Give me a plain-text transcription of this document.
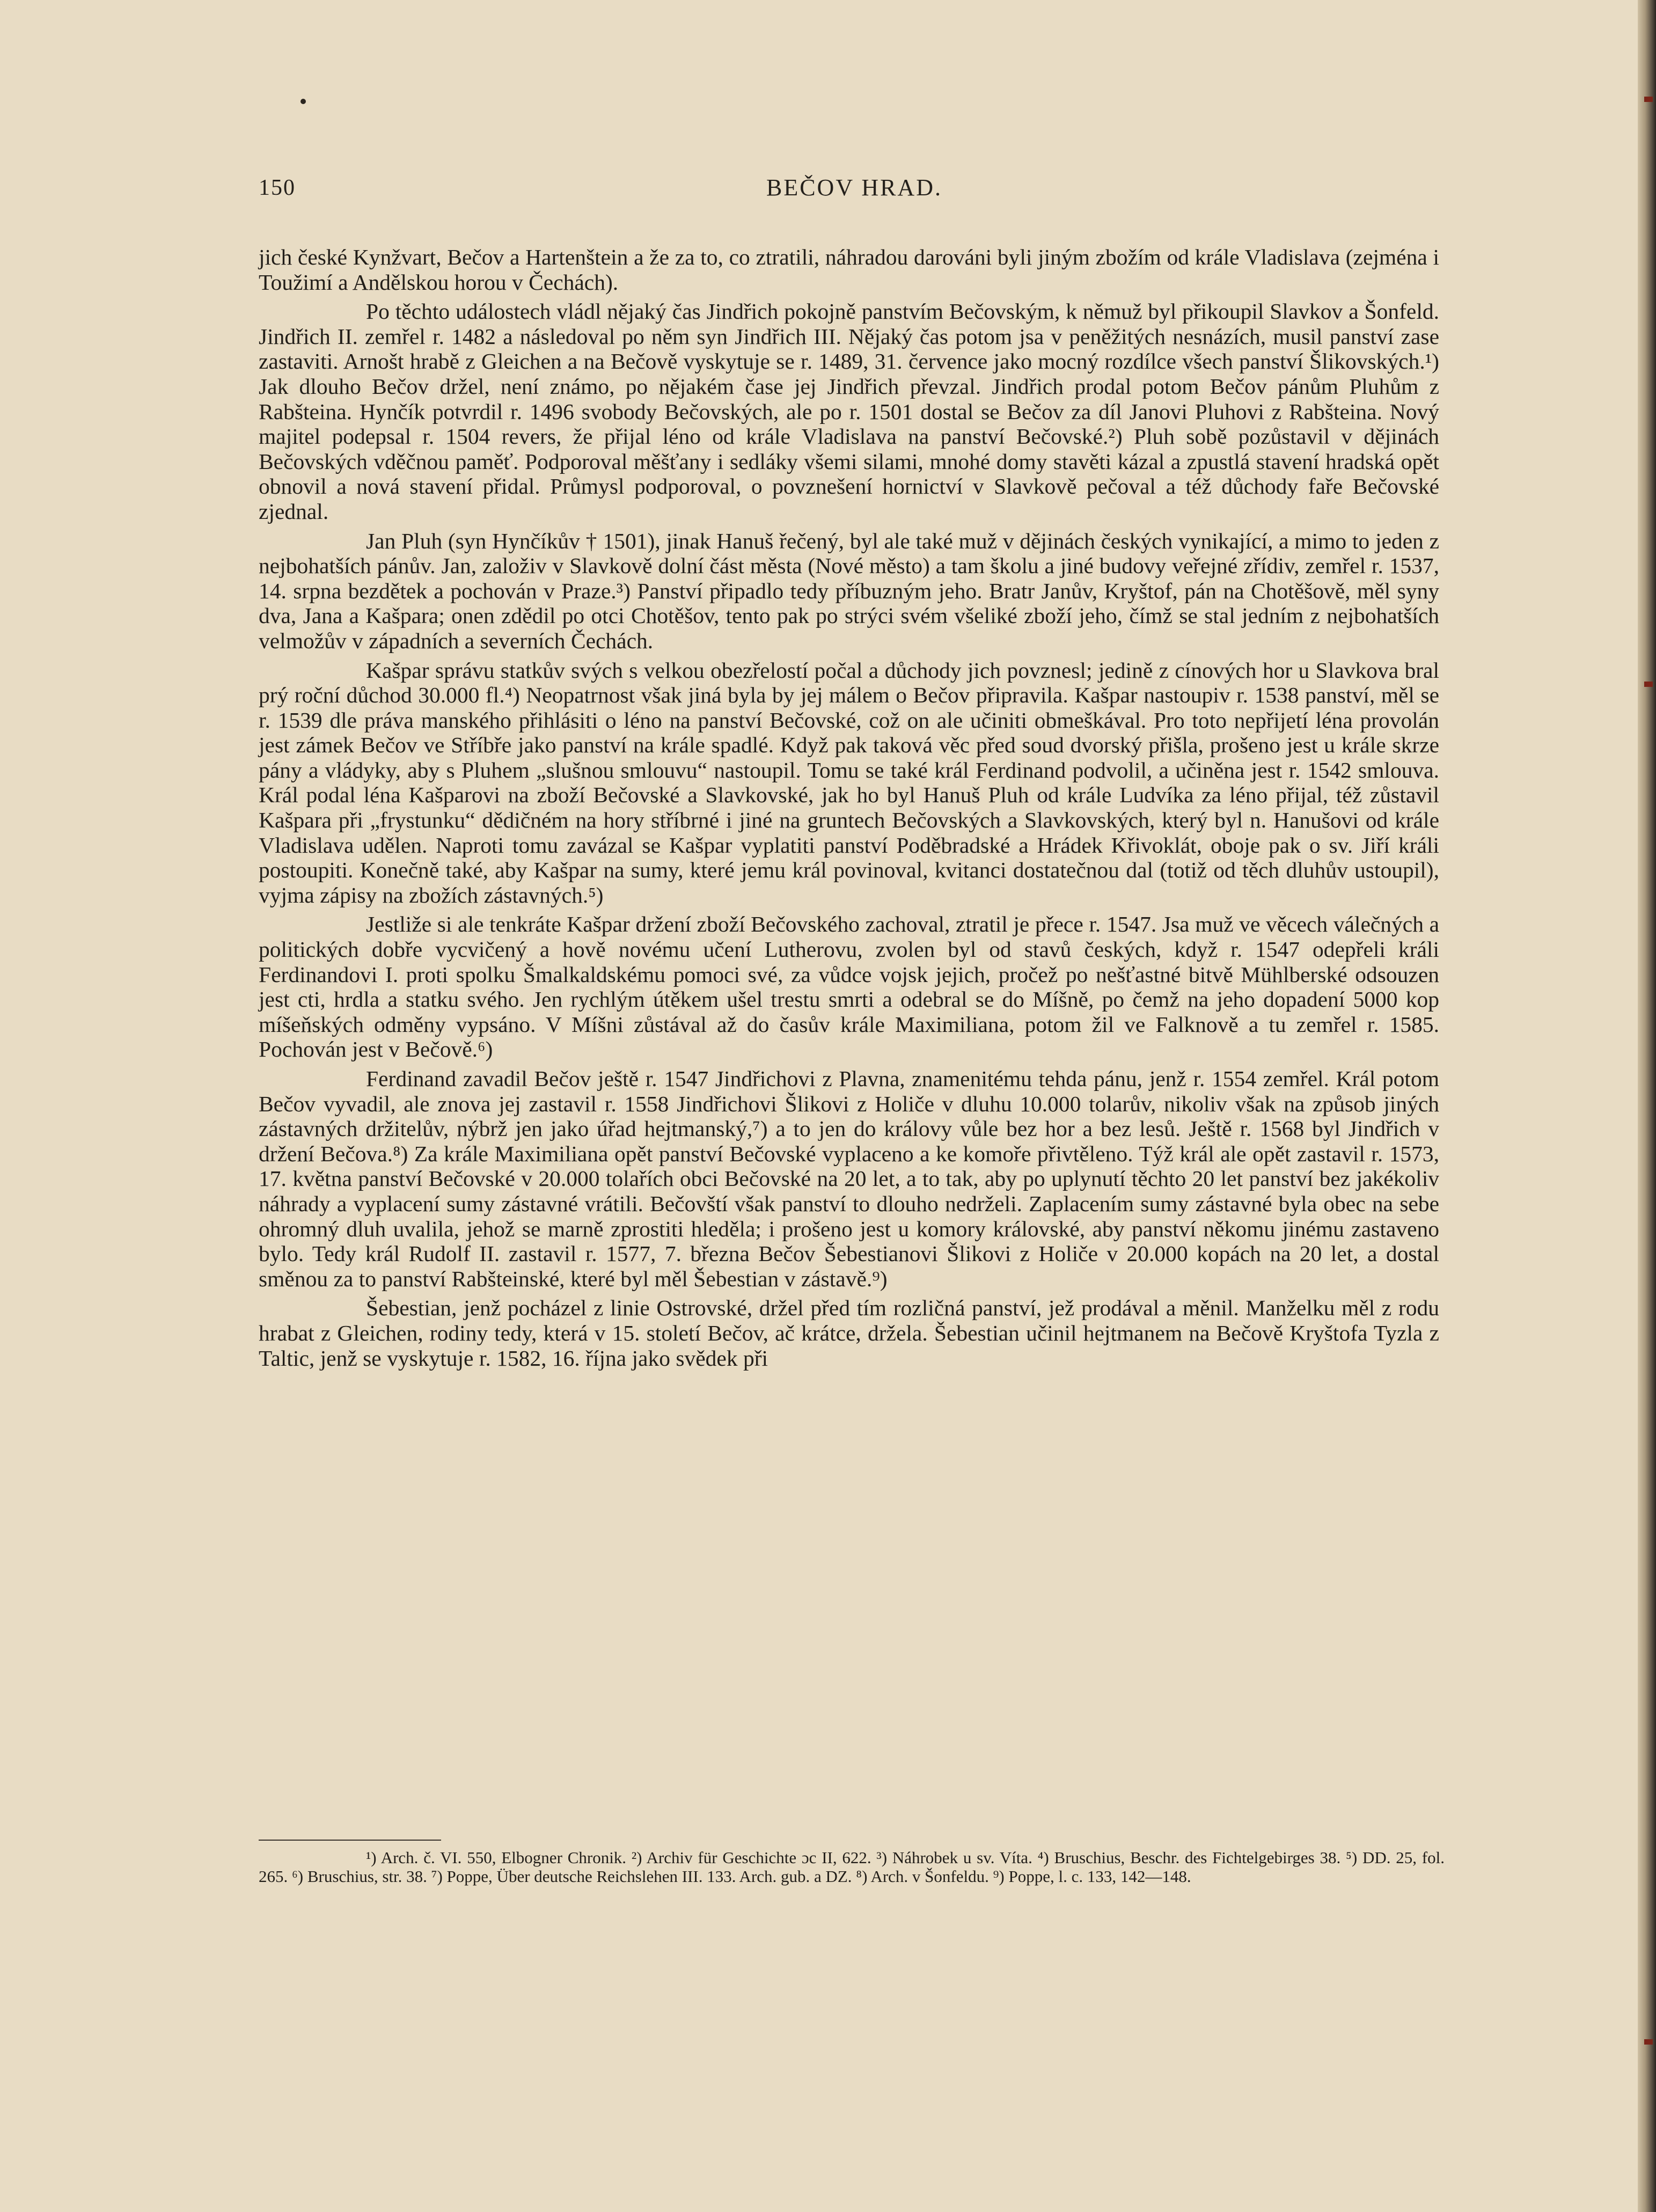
150	BEČOV HRAD.

jich české Kynžvart, Bečov a Hartenštein a že za to, co ztratili, náhradou darováni byli jiným zbožím od krále Vladislava (zejména i Toužimí a Andělskou horou v Čechách).

Po těchto událostech vládl nějaký čas Jindřich pokojně panstvím Bečovským, k němuž byl přikoupil Slavkov a Šonfeld. Jindřich II. zemřel r. 1482 a následoval po něm syn Jindřich III. Nějaký čas potom jsa v peněžitých nesnázích, musil panství zase zastaviti. Arnošt hrabě z Gleichen a na Bečově vyskytuje se r. 1489, 31. července jako mocný rozdílce všech panství Šlikovských.¹) Jak dlouho Bečov držel, není známo, po nějakém čase jej Jindřich převzal. Jindřich prodal potom Bečov pánům Pluhům z Rabšteina. Hynčík potvrdil r. 1496 svobody Bečovských, ale po r. 1501 dostal se Bečov za díl Janovi Pluhovi z Rabšteina. Nový majitel podepsal r. 1504 revers, že přijal léno od krále Vladislava na panství Bečovské.²) Pluh sobě pozůstavil v dějinách Bečovských vděčnou paměť. Podporoval měšťany i sedláky všemi silami, mnohé domy stavěti kázal a zpustlá stavení hradská opět obnovil a nová stavení přidal. Průmysl podporoval, o povznešení hornictví v Slavkově pečoval a též důchody faře Bečovské zjednal.

Jan Pluh (syn Hynčíkův † 1501), jinak Hanuš řečený, byl ale také muž v dějinách českých vynikající, a mimo to jeden z nejbohatších pánův. Jan, založiv v Slavkově dolní část města (Nové město) a tam školu a jiné budovy veřejné zřídiv, zemřel r. 1537, 14. srpna bezdětek a pochován v Praze.³) Panství připadlo tedy příbuzným jeho. Bratr Janův, Kryštof, pán na Chotěšově, měl syny dva, Jana a Kašpara; onen zdědil po otci Chotěšov, tento pak po strýci svém všeliké zboží jeho, čímž se stal jedním z nejbohatších velmožův v západních a severních Čechách.

Kašpar správu statkův svých s velkou obezřelostí počal a důchody jich povznesl; jedině z cínových hor u Slavkova bral prý roční důchod 30.000 fl.⁴) Neopatrnost však jiná byla by jej málem o Bečov připravila. Kašpar nastoupiv r. 1538 panství, měl se r. 1539 dle práva manského přihlásiti o léno na panství Bečovské, což on ale učiniti obmeškával. Pro toto nepřijetí léna provolán jest zámek Bečov ve Stříbře jako panství na krále spadlé. Když pak taková věc před soud dvorský přišla, prošeno jest u krále skrze pány a vládyky, aby s Pluhem „slušnou smlouvu“ nastoupil. Tomu se také král Ferdinand podvolil, a učiněna jest r. 1542 smlouva. Král podal léna Kašparovi na zboží Bečovské a Slavkovské, jak ho byl Hanuš Pluh od krále Ludvíka za léno přijal, též zůstavil Kašpara při „frystunku“ dědičném na hory stříbrné i jiné na gruntech Bečovských a Slavkovských, který byl n. Hanušovi od krále Vladislava udělen. Naproti tomu zavázal se Kašpar vyplatiti panství Poděbradské a Hrádek Křivoklát, oboje pak o sv. Jiří králi postoupiti. Konečně také, aby Kašpar na sumy, které jemu král povinoval, kvitanci dostatečnou dal (totiž od těch dluhův ustoupil), vyjma zápisy na zbožích zástavných.⁵)

Jestliže si ale tenkráte Kašpar držení zboží Bečovského zachoval, ztratil je přece r. 1547. Jsa muž ve věcech válečných a politických dobře vycvičený a hově novému učení Lutherovu, zvolen byl od stavů českých, když r. 1547 odepřeli králi Ferdinandovi I. proti spolku Šmalkaldskému pomoci své, za vůdce vojsk jejich, pročež po nešťastné bitvě Mühlberské odsouzen jest cti, hrdla a statku svého. Jen rychlým útěkem ušel trestu smrti a odebral se do Míšně, po čemž na jeho dopadení 5000 kop míšeňských odměny vypsáno. V Míšni zůstával až do časův krále Maximiliana, potom žil ve Falknově a tu zemřel r. 1585. Pochován jest v Bečově.⁶)

Ferdinand zavadil Bečov ještě r. 1547 Jindřichovi z Plavna, znamenitému tehda pánu, jenž r. 1554 zemřel. Král potom Bečov vyvadil, ale znova jej zastavil r. 1558 Jindřichovi Šlikovi z Holiče v dluhu 10.000 tolarův, nikoliv však na způsob jiných zástavných držitelův, nýbrž jen jako úřad hejtmanský,⁷) a to jen do královy vůle bez hor a bez lesů. Ještě r. 1568 byl Jindřich v držení Bečova.⁸) Za krále Maximiliana opět panství Bečovské vyplaceno a ke komoře přivtěleno. Týž král ale opět zastavil r. 1573, 17. května panství Bečovské v 20.000 tolařích obci Bečovské na 20 let, a to tak, aby po uplynutí těchto 20 let panství bez jakékoliv náhrady a vyplacení sumy zástavné vrátili. Bečovští však panství to dlouho nedrželi. Zaplacením sumy zástavné byla obec na sebe ohromný dluh uvalila, jehož se marně zprostiti hleděla; i prošeno jest u komory královské, aby panství někomu jinému zastaveno bylo. Tedy král Rudolf II. zastavil r. 1577, 7. března Bečov Šebestianovi Šlikovi z Holiče v 20.000 kopách na 20 let, a dostal směnou za to panství Rabšteinské, které byl měl Šebestian v zástavě.⁹)

Šebestian, jenž pocházel z linie Ostrovské, držel před tím rozličná panství, jež prodával a měnil. Manželku měl z rodu hrabat z Gleichen, rodiny tedy, která v 15. století Bečov, ač krátce, držela. Šebestian učinil hejtmanem na Bečově Kryštofa Tyzla z Taltic, jenž se vyskytuje r. 1582, 16. října jako svědek při

¹) Arch. č. VI. 550, Elbogner Chronik. ²) Archiv für Geschichte ɔc II, 622. ³) Náhrobek u sv. Víta. ⁴) Bruschius, Beschr. des Fichtelgebirges 38. ⁵) DD. 25, fol. 265. ⁶) Bruschius, str. 38. ⁷) Poppe, Über deutsche Reichslehen III. 133. Arch. gub. a DZ. ⁸) Arch. v Šonfeldu. ⁹) Poppe, l. c. 133, 142—148.
